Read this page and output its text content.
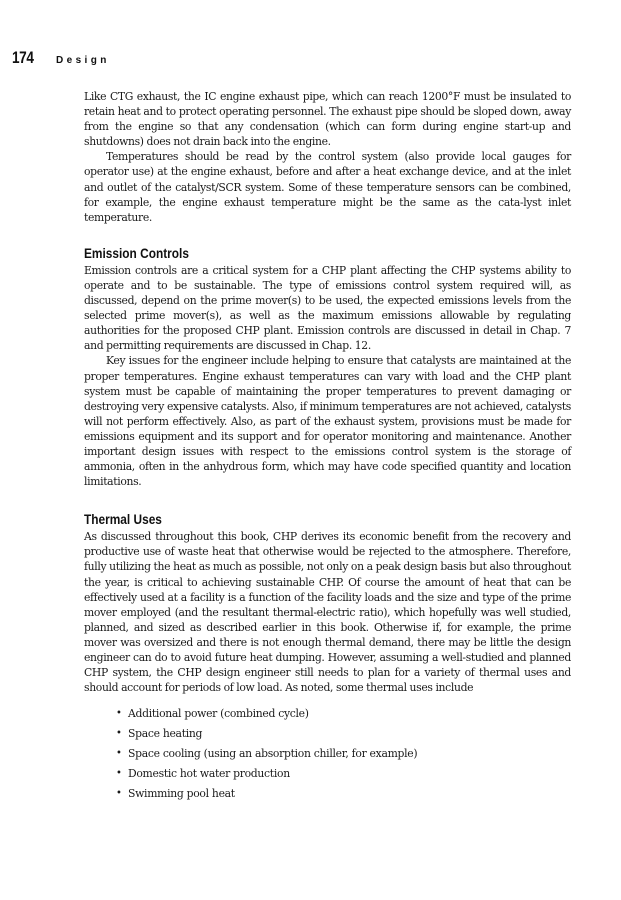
174 Design

Like CTG exhaust, the IC engine exhaust pipe, which can reach 1200°F must be insulated to retain heat and to protect operating personnel. The exhaust pipe should be sloped down, away from the engine so that any condensation (which can form during engine start-up and shutdowns) does not drain back into the engine.

Temperatures should be read by the control system (also provide local gauges for operator use) at the engine exhaust, before and after a heat exchange device, and at the inlet and outlet of the catalyst/SCR system. Some of these temperature sensors can be combined, for example, the engine exhaust temperature might be the same as the cata-lyst inlet temperature.

Emission Controls

Emission controls are a critical system for a CHP plant affecting the CHP systems ability to operate and to be sustainable. The type of emissions control system required will, as discussed, depend on the prime mover(s) to be used, the expected emissions levels from the selected prime mover(s), as well as the maximum emissions allowable by regulating authorities for the proposed CHP plant. Emission controls are discussed in detail in Chap. 7 and permitting requirements are discussed in Chap. 12.

Key issues for the engineer include helping to ensure that catalysts are maintained at the proper temperatures. Engine exhaust temperatures can vary with load and the CHP plant system must be capable of maintaining the proper temperatures to prevent damaging or destroying very expensive catalysts. Also, if minimum temperatures are not achieved, catalysts will not perform effectively. Also, as part of the exhaust system, provisions must be made for emissions equipment and its support and for operator monitoring and maintenance. Another important design issues with respect to the emissions control system is the storage of ammonia, often in the anhydrous form, which may have code specified quantity and location limitations.

Thermal Uses

As discussed throughout this book, CHP derives its economic benefit from the recovery and productive use of waste heat that otherwise would be rejected to the atmosphere. Therefore, fully utilizing the heat as much as possible, not only on a peak design basis but also throughout the year, is critical to achieving sustainable CHP. Of course the amount of heat that can be effectively used at a facility is a function of the facility loads and the size and type of the prime mover employed (and the resultant thermal-electric ratio), which hopefully was well studied, planned, and sized as described earlier in this book. Otherwise if, for example, the prime mover was oversized and there is not enough thermal demand, there may be little the design engineer can do to avoid future heat dumping. However, assuming a well-studied and planned CHP system, the CHP design engineer still needs to plan for a variety of thermal uses and should account for periods of low load. As noted, some thermal uses include

• Additional power (combined cycle)
• Space heating
• Space cooling (using an absorption chiller, for example)
• Domestic hot water production
• Swimming pool heat
